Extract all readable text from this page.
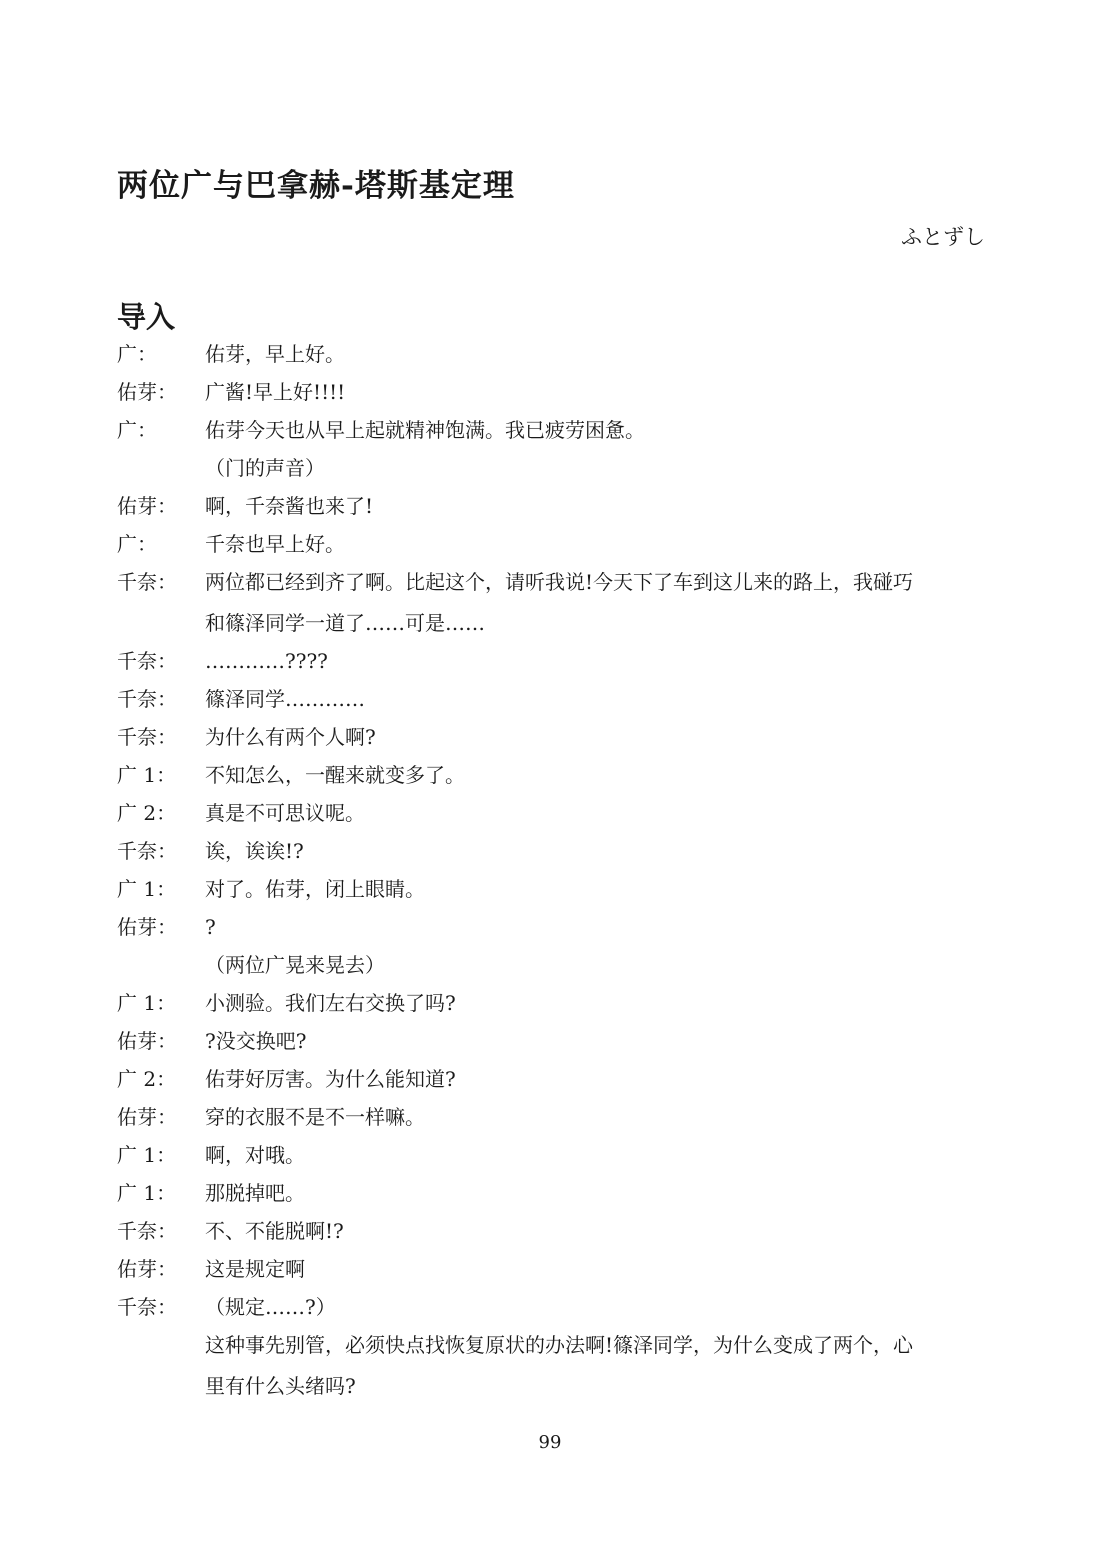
两位广与巴拿赫-塔斯基定理
ふとずし
导入
广：	佑芽，早上好。
佑芽：	广酱!早上好!!!!
广：	佑芽今天也从早上起就精神饱满。我已疲劳困惫。
（门的声音）
佑芽：	啊，千奈酱也来了!
广：	千奈也早上好。
千奈：	两位都已经到齐了啊。比起这个，请听我说!今天下了车到这儿来的路上，我碰巧和篠泽同学一道了……可是……
千奈：	…………????
千奈：	篠泽同学…………
千奈：	为什么有两个人啊?
广 1：	不知怎么，一醒来就变多了。
广 2：	真是不可思议呢。
千奈：	诶，诶诶!?
广 1：	对了。佑芽，闭上眼睛。
佑芽：	?
（两位广晃来晃去）
广 1：	小测验。我们左右交换了吗?
佑芽：	?没交换吧?
广 2：	佑芽好厉害。为什么能知道?
佑芽：	穿的衣服不是不一样嘛。
广 1：	啊，对哦。
广 1：	那脱掉吧。
千奈：	不、不能脱啊!?
佑芽：	这是规定啊
千奈：	（规定……?）
这种事先别管，必须快点找恢复原状的办法啊!篠泽同学，为什么变成了两个，心里有什么头绪吗?
99
